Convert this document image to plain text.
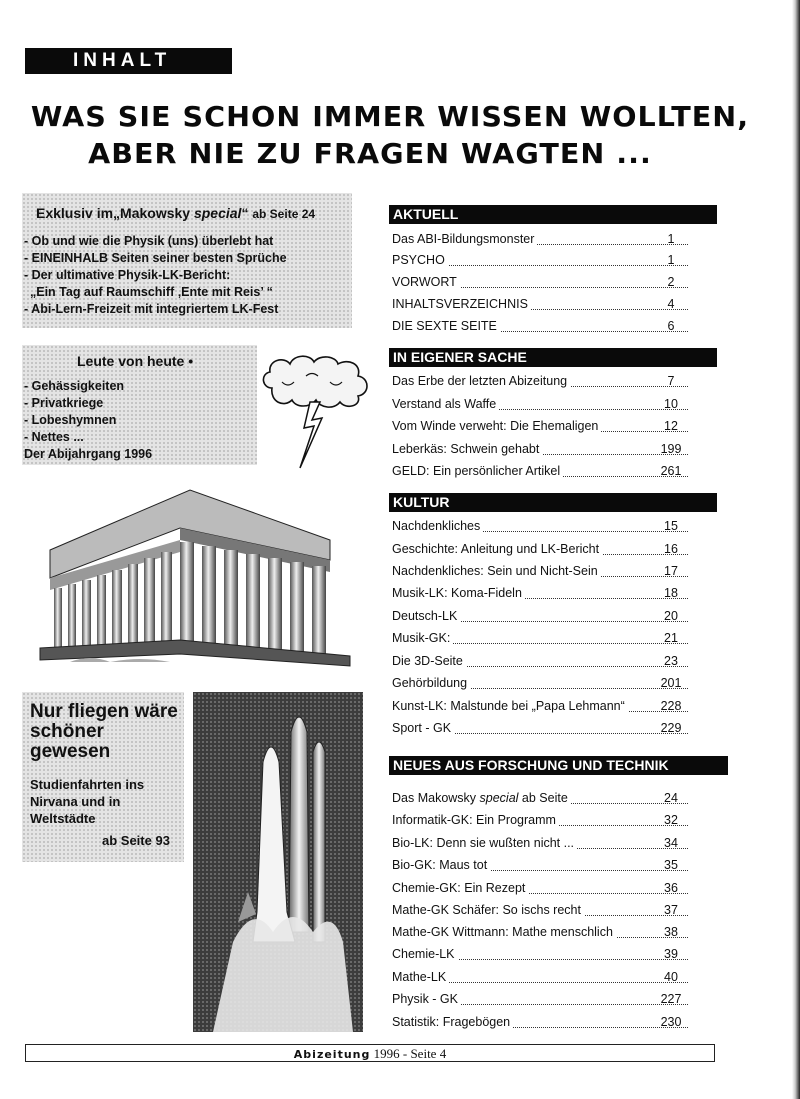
INHALT
WAS SIE SCHON IMMER WISSEN WOLLTEN,
ABER NIE ZU FRAGEN WAGTEN ...
Exklusiv im„Makowsky special“ ab Seite 24
- Ob und wie die Physik (uns) überlebt hat
- EINEINHALB Seiten seiner besten Sprüche
- Der ultimative Physik-LK-Bericht:
„Ein Tag auf Raumschiff ‚Ente mit Reis’ “
- Abi-Lern-Freizeit mit integriertem LK-Fest
Leute von heute •
- Gehässigkeiten
- Privatkriege
- Lobeshymnen
- Nettes ...
Der Abijahrgang 1996
Nur fliegen wäre
schöner
gewesen
Studienfahrten ins
Nirvana und in
Weltstädte
ab Seite 93
AKTUELL
Das ABI-Bildungsmonster	1
PSYCHO	1
VORWORT	2
INHALTSVERZEICHNIS	4
DIE SEXTE SEITE	6
IN EIGENER SACHE
Das Erbe der letzten Abizeitung	7
Verstand als Waffe	10
Vom Winde verweht: Die Ehemaligen	12
Leberkäs: Schwein gehabt	199
GELD: Ein persönlicher Artikel	261
KULTUR
Nachdenkliches	15
Geschichte: Anleitung und LK-Bericht	16
Nachdenkliches: Sein und Nicht-Sein	17
Musik-LK: Koma-Fideln	18
Deutsch-LK	20
Musik-GK:	21
Die 3D-Seite	23
Gehörbildung	201
Kunst-LK: Malstunde bei „Papa Lehmann“	228
Sport - GK	229
NEUES AUS FORSCHUNG UND TECHNIK
Das Makowsky special ab Seite	24
Informatik-GK: Ein Programm	32
Bio-LK: Denn sie wußten nicht ...	34
Bio-GK: Maus tot	35
Chemie-GK: Ein Rezept	36
Mathe-GK Schäfer: So ischs recht	37
Mathe-GK Wittmann: Mathe menschlich	38
Chemie-LK	39
Mathe-LK	40
Physik - GK	227
Statistik: Fragebögen	230
Abizeitung 1996 - Seite 4
